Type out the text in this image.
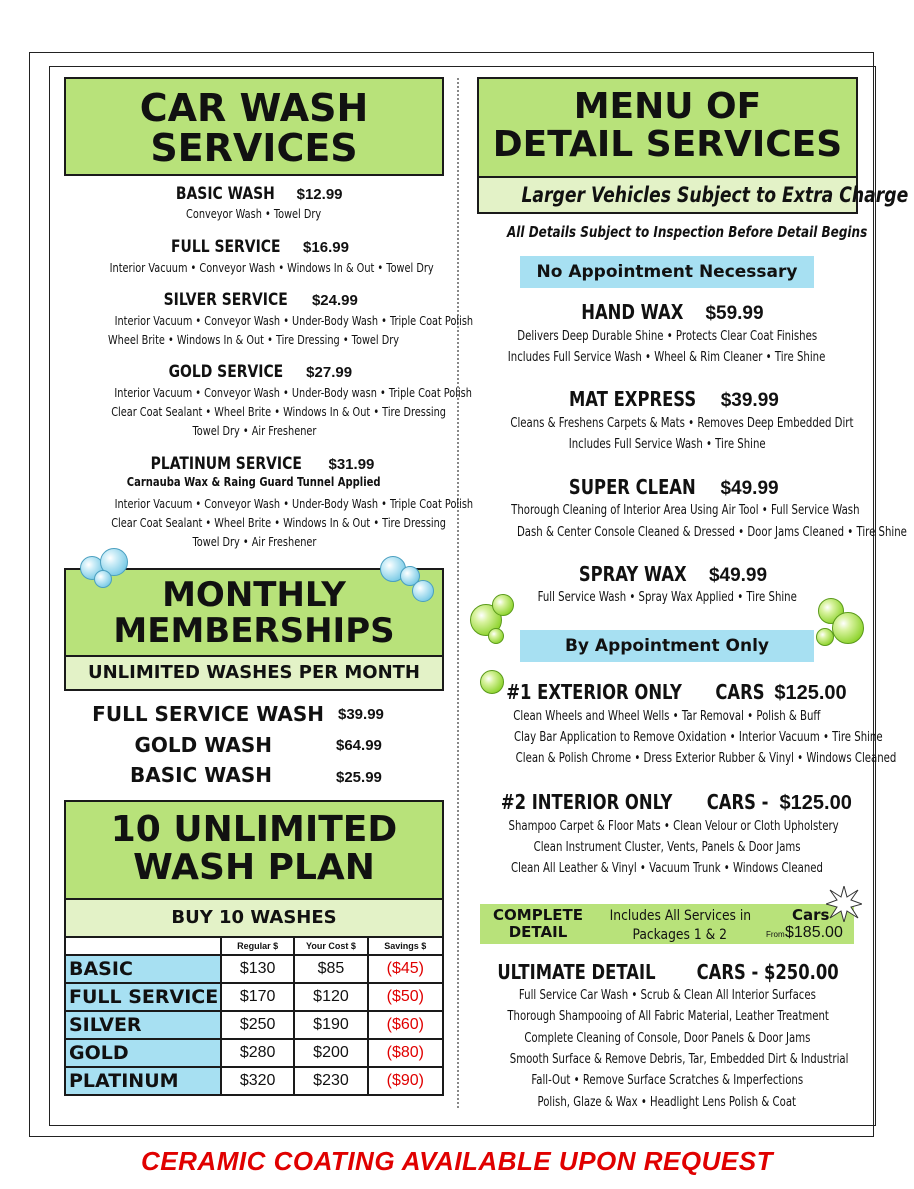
CAR WASH
SERVICES
BASIC WASH $12.99
Conveyor Wash • Towel Dry
FULL SERVICE $16.99
Interior Vacuum • Conveyor Wash • Windows In & Out • Towel Dry
SILVER SERVICE $24.99
Interior Vacuum • Conveyor Wash • Under-Body Wash • Triple Coat Polish
Wheel Brite • Windows In & Out • Tire Dressing • Towel Dry
GOLD SERVICE $27.99
Interior Vacuum • Conveyor Wash • Under-Body wasn • Triple Coat Polish
Clear Coat Sealant • Wheel Brite • Windows In & Out • Tire Dressing
Towel Dry • Air Freshener
PLATINUM SERVICE $31.99
Carnauba Wax & Raing Guard Tunnel Applied
Interior Vacuum • Conveyor Wash • Under-Body Wash • Triple Coat Polish
Clear Coat Sealant • Wheel Brite • Windows In & Out • Tire Dressing
Towel Dry • Air Freshener
MONTHLY
MEMBERSHIPS
UNLIMITED WASHES PER MONTH
FULL SERVICE WASH $39.99
GOLD WASH	$64.99
BASIC WASH	$25.99
10 UNLIMITED
WASH PLAN
BUY 10 WASHES
	Regular $	Your Cost $	Savings $
BASIC	$130	$85	($45)
FULL SERVICE	$170	$120	($50)
SILVER	$250	$190	($60)
GOLD	$280	$200	($80)
PLATINUM	$320	$230	($90)
MENU OF
DETAIL SERVICES
Larger Vehicles Subject to Extra Charge
All Details Subject to Inspection Before Detail Begins
No Appointment Necessary
HAND WAX $59.99
Delivers Deep Durable Shine • Protects Clear Coat Finishes
Includes Full Service Wash • Wheel & Rim Cleaner • Tire Shine
MAT EXPRESS $39.99
Cleans & Freshens Carpets & Mats • Removes Deep Embedded Dirt
Includes Full Service Wash • Tire Shine
SUPER CLEAN $49.99
Thorough Cleaning of Interior Area Using Air Tool • Full Service Wash
Dash & Center Console Cleaned & Dressed • Door Jams Cleaned • Tire Shine
SPRAY WAX $49.99
Full Service Wash • Spray Wax Applied • Tire Shine
By Appointment Only
#1 EXTERIOR ONLY CARS $125.00
Clean Wheels and Wheel Wells • Tar Removal • Polish & Buff
Clay Bar Application to Remove Oxidation • Interior Vacuum • Tire Shine
Clean & Polish Chrome • Dress Exterior Rubber & Vinyl • Windows Cleaned
#2 INTERIOR ONLY CARS - $125.00
Shampoo Carpet & Floor Mats • Clean Velour or Cloth Upholstery
Clean Instrument Cluster, Vents, Panels & Door Jams
Clean All Leather & Vinyl • Vacuum Trunk • Windows Cleaned
COMPLETE
DETAIL
Includes All Services in
Packages 1 & 2
Cars
From $185.00
ULTIMATE DETAIL CARS - $250.00
Full Service Car Wash • Scrub & Clean All Interior Surfaces
Thorough Shampooing of All Fabric Material, Leather Treatment
Complete Cleaning of Console, Door Panels & Door Jams
Smooth Surface & Remove Debris, Tar, Embedded Dirt & Industrial
Fall-Out • Remove Surface Scratches & Imperfections
Polish, Glaze & Wax • Headlight Lens Polish & Coat
CERAMIC COATING AVAILABLE UPON REQUEST
